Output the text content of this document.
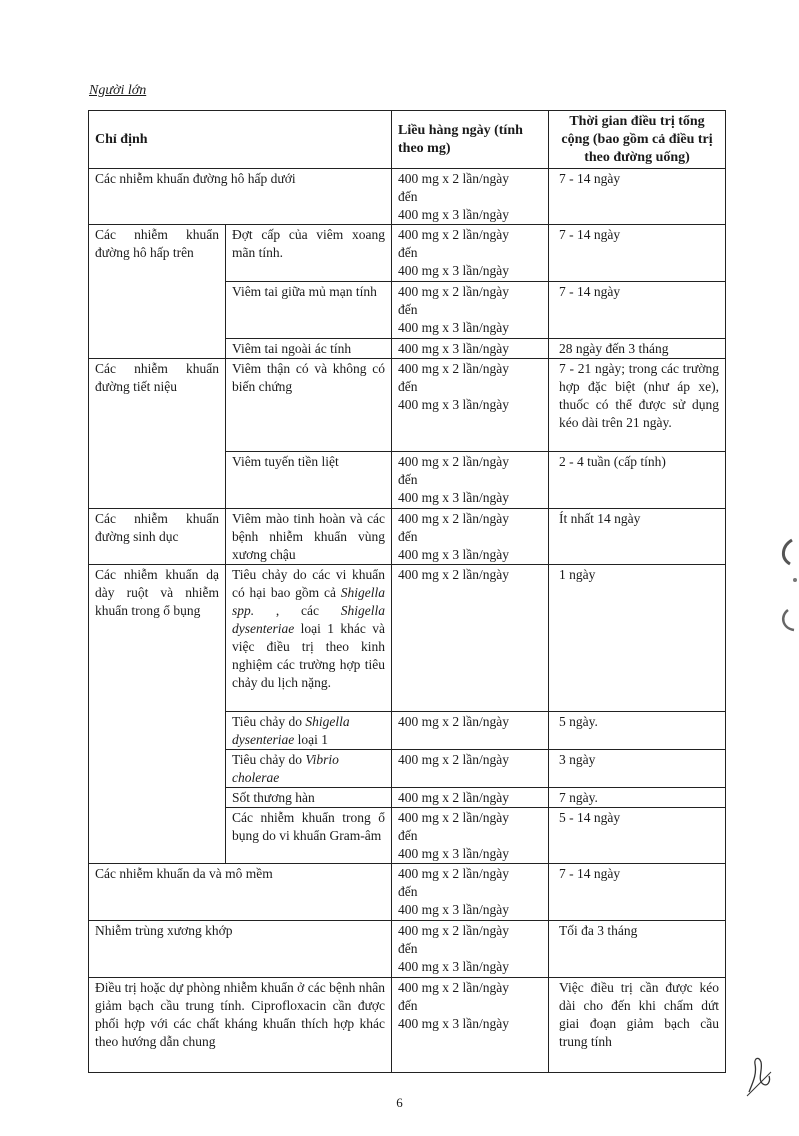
Người lớn
Chỉ định		Liều hàng ngày (tính theo mg)	Thời gian điều trị tổng cộng (bao gồm cả điều trị theo đường uống)
Các nhiễm khuẩn đường hô hấp dưới		400 mg x 2 lần/ngày
đến
400 mg x 3 lần/ngày	7 - 14 ngày
Các nhiễm khuẩn đường hô hấp trên	Đợt cấp của viêm xoang mãn tính.	400 mg x 2 lần/ngày
đến
400 mg x 3 lần/ngày	7 - 14 ngày
	Viêm tai giữa mủ mạn tính	400 mg x 2 lần/ngày
đến
400 mg x 3 lần/ngày	7 - 14 ngày
	Viêm tai ngoài ác tính	400 mg x 3 lần/ngày	28 ngày đến 3 tháng
Các nhiễm khuẩn đường tiết niệu	Viêm thận có và không có biến chứng	400 mg x 2 lần/ngày
đến
400 mg x 3 lần/ngày	7 - 21 ngày; trong các trường hợp đặc biệt (như áp xe), thuốc có thể được sử dụng kéo dài trên 21 ngày.
	Viêm tuyến tiền liệt	400 mg x 2 lần/ngày
đến
400 mg x 3 lần/ngày	2 - 4 tuần (cấp tính)
Các nhiễm khuẩn đường sinh dục	Viêm mào tinh hoàn và các bệnh nhiễm khuẩn vùng xương chậu	400 mg x 2 lần/ngày
đến
400 mg x 3 lần/ngày	Ít nhất 14 ngày
Các nhiễm khuẩn dạ dày ruột và nhiễm khuẩn trong ổ bụng	Tiêu chảy do các vi khuẩn có hại bao gồm cả Shigella spp. , các Shigella dysenteriae loại 1 khác và việc điều trị theo kinh nghiệm các trường hợp tiêu chảy du lịch nặng.	400 mg x 2 lần/ngày	1 ngày
	Tiêu chảy do Shigella dysenteriae loại 1	400 mg x 2 lần/ngày	5 ngày.
	Tiêu chảy do Vibrio cholerae	400 mg x 2 lần/ngày	3 ngày
	Sốt thương hàn	400 mg x 2 lần/ngày	7 ngày.
	Các nhiễm khuẩn trong ổ bụng do vi khuẩn Gram-âm	400 mg x 2 lần/ngày
đến
400 mg x 3 lần/ngày	5 - 14 ngày
Các nhiễm khuẩn da và mô mềm		400 mg x 2 lần/ngày
đến
400 mg x 3 lần/ngày	7 - 14 ngày
Nhiễm trùng xương khớp		400 mg x 2 lần/ngày
đến
400 mg x 3 lần/ngày	Tối đa 3 tháng
Điều trị hoặc dự phòng nhiễm khuẩn ở các bệnh nhân giảm bạch cầu trung tính. Ciprofloxacin cần được phối hợp với các chất kháng khuẩn thích hợp khác theo hướng dẫn chung		400 mg x 2 lần/ngày
đến
400 mg x 3 lần/ngày	Việc điều trị cần được kéo dài cho đến khi chấm dứt giai đoạn giảm bạch cầu trung tính
6
